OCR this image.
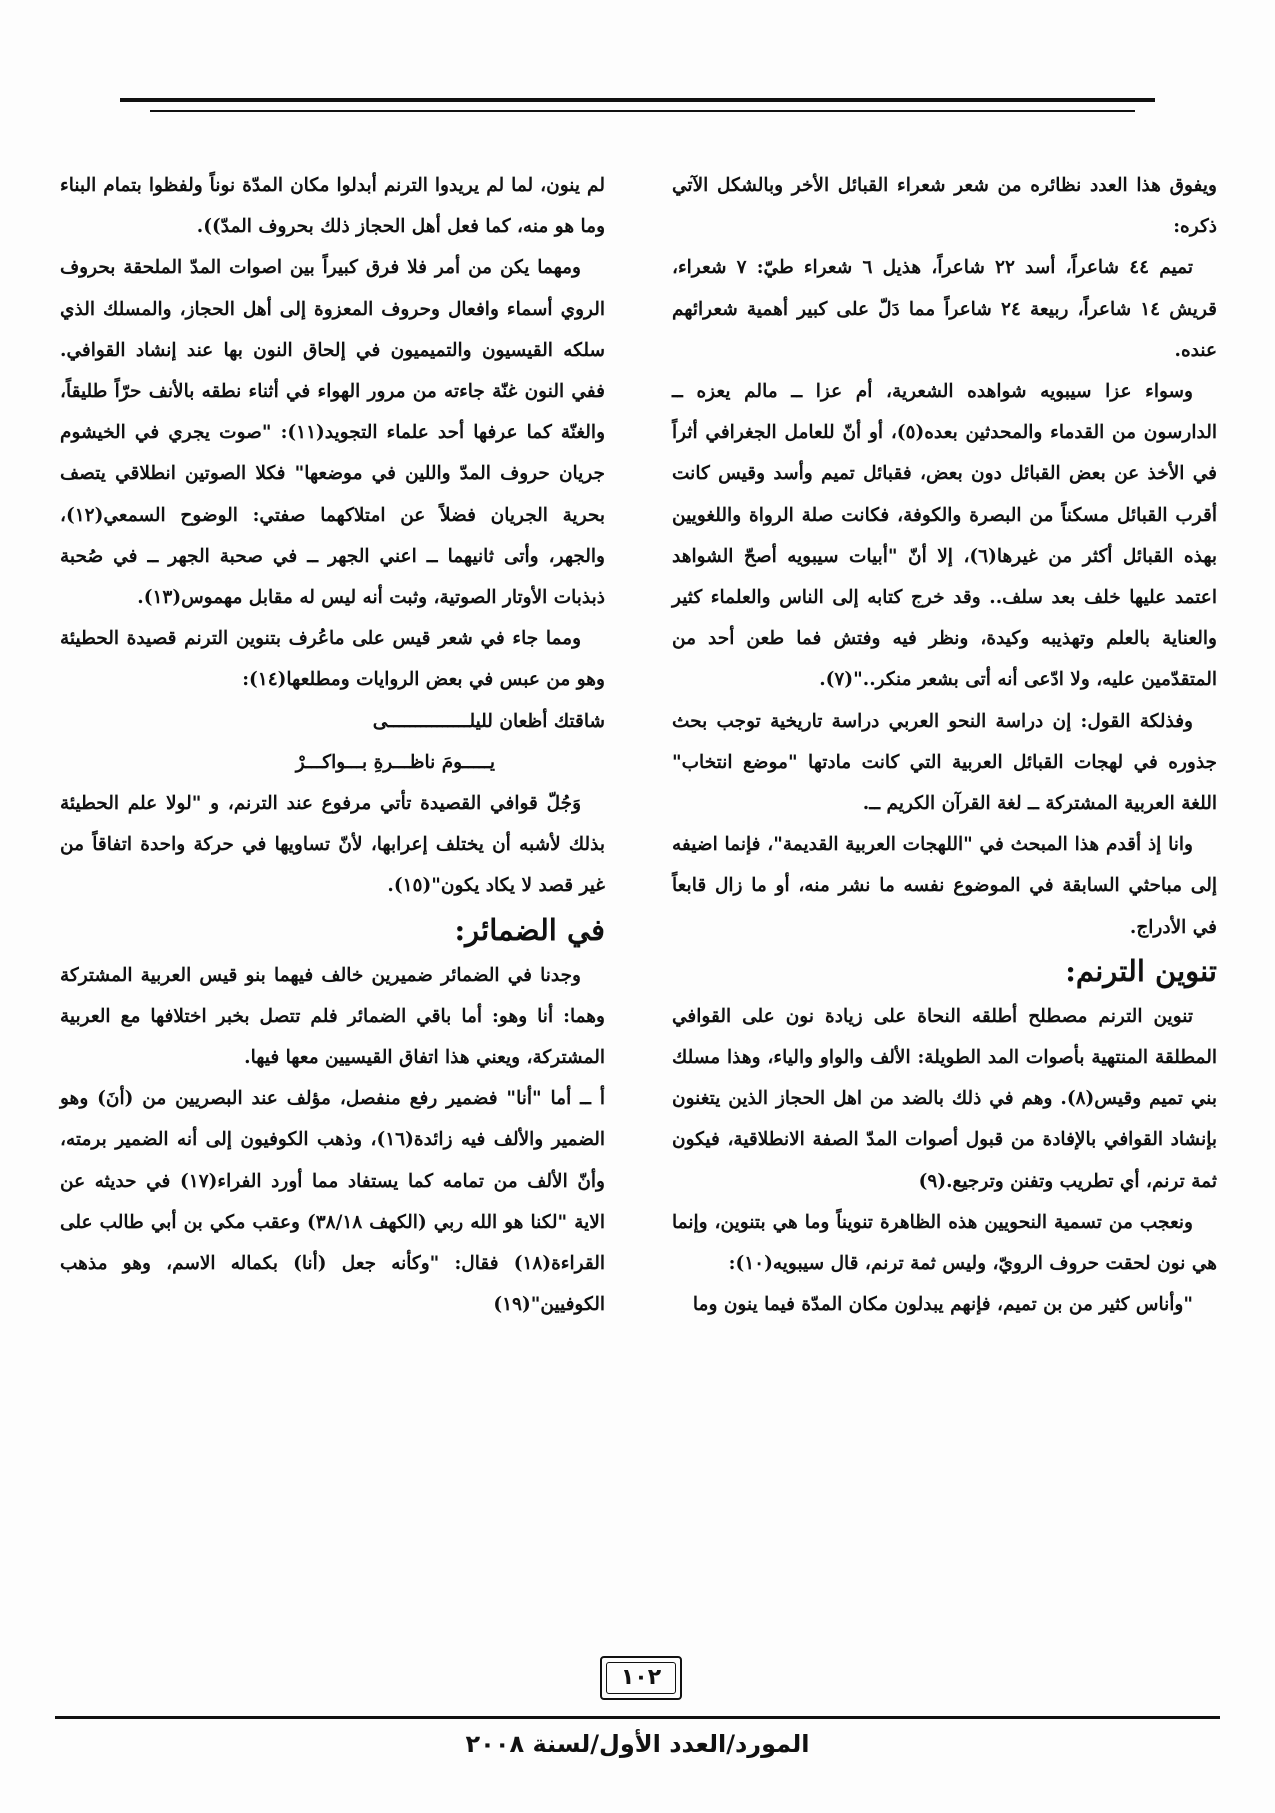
ويفوق هذا العدد نظائره من شعر شعراء القبائل الأخر وبالشكل الآتي ذكره:

تميم ٤٤ شاعراً، أسد ٢٢ شاعراً، هذيل ٦ شعراء طيّ: ٧ شعراء، قريش ١٤ شاعراً، ربيعة ٢٤ شاعراً مما دَلّ على كبير أهمية شعرائهم عنده.

وسواء عزا سيبويه شواهده الشعرية، أم عزا ــ مالم يعزه ــ الدارسون من القدماء والمحدثين بعده(٥)، أو أنّ للعامل الجغرافي أثراً في الأخذ عن بعض القبائل دون بعض، فقبائل تميم وأسد وقيس كانت أقرب القبائل مسكناً من البصرة والكوفة، فكانت صلة الرواة واللغويين بهذه القبائل أكثر من غيرها(٦)، إلا أنّ "أبيات سيبويه أصحّ الشواهد اعتمد عليها خلف بعد سلف.. وقد خرج كتابه إلى الناس والعلماء كثير والعناية بالعلم وتهذيبه وكيدة، ونظر فيه وفتش فما طعن أحد من المتقدّمين عليه، ولا ادّعى أنه أتى بشعر منكر.."(٧).

وفذلكة القول: إن دراسة النحو العربي دراسة تاريخية توجب بحث جذوره في لهجات القبائل العربية التي كانت مادتها "موضع انتخاب" اللغة العربية المشتركة ــ لغة القرآن الكريم ــ.

وانا إذ أقدم هذا المبحث في "اللهجات العربية القديمة"، فإنما اضيفه إلى مباحثي السابقة في الموضوع نفسه ما نشر منه، أو ما زال قابعاً في الأدراج.

تنوين الترنم:

تنوين الترنم مصطلح أطلقه النحاة على زيادة نون على القوافي المطلقة المنتهية بأصوات المد الطويلة: الألف والواو والياء، وهذا مسلك بني تميم وقيس(٨). وهم في ذلك بالضد من اهل الحجاز الذين يتغنون بإنشاد القوافي بالإفادة من قبول أصوات المدّ الصفة الانطلاقية، فيكون ثمة ترنم، أي تطريب وتفنن وترجيع.(٩)

ونعجب من تسمية النحويين هذه الظاهرة تنويناً وما هي بتنوين، وإنما هي نون لحقت حروف الرويّ، وليس ثمة ترنم، قال سيبويه(١٠):

"وأناس كثير من بن تميم، فإنهم يبدلون مكان المدّة فيما ينون وما

لم ينون، لما لم يريدوا الترنم أبدلوا مكان المدّة نوناً ولفظوا بتمام البناء وما هو منه، كما فعل أهل الحجاز ذلك بحروف المدّ)).

ومهما يكن من أمر فلا فرق كبيراً بين اصوات المدّ الملحقة بحروف الروي أسماء وافعال وحروف المعزوة إلى أهل الحجاز، والمسلك الذي سلكه القيسيون والتميميون في إلحاق النون بها عند إنشاد القوافي. ففي النون غنّة جاءته من مرور الهواء في أثناء نطقه بالأنف حرّاً طليقاً، والغنّة كما عرفها أحد علماء التجويد(١١): "صوت يجري في الخيشوم جريان حروف المدّ واللين في موضعها" فكلا الصوتين انطلاقي يتصف بحرية الجريان فضلاً عن امتلاكهما صفتي: الوضوح السمعي(١٢)، والجهر، وأتى ثانيهما ــ اعني الجهر ــ في صحبة الجهر ــ في صُحبة ذبذبات الأوتار الصوتية، وثبت أنه ليس له مقابل مهموس(١٣).

ومما جاء في شعر قيس على ماعُرف بتنوين الترنم قصيدة الحطيئة وهو من عبس في بعض الروايات ومطلعها(١٤):

شاقتك أظعان لليلـــــــــــــــى

يـــــومَ ناظـــرةِ بـــواكـــرْ

وَجُلّ قوافي القصيدة تأتي مرفوع عند الترنم، و "لولا علم الحطيئة بذلك لأشبه أن يختلف إعرابها، لأنّ تساويها في حركة واحدة اتفاقاً من غير قصد لا يكاد يكون"(١٥).

في الضمائر:

وجدنا في الضمائر ضميرين خالف فيهما بنو قيس العربية المشتركة وهما: أنا وهو: أما باقي الضمائر فلم تتصل بخبر اختلافها مع العربية المشتركة، ويعني هذا اتفاق القيسيين معها فيها.

أ ــ أما "أنا" فضمير رفع منفصل، مؤلف عند البصريين من (أنَ) وهو الضمير والألف فيه زائدة(١٦)، وذهب الكوفيون إلى أنه الضمير برمته، وأنّ الألف من تمامه كما يستفاد مما أورد الفراء(١٧) في حديثه عن الاية "لكنا هو الله ربي (الكهف ٣٨/١٨) وعقب مكي بن أبي طالب على القراءة(١٨) فقال: "وكأنه جعل (أنا) بكماله الاسم، وهو مذهب الكوفيين"(١٩)

١٠٢
المورد/العدد الأول/لسنة ٢٠٠٨
